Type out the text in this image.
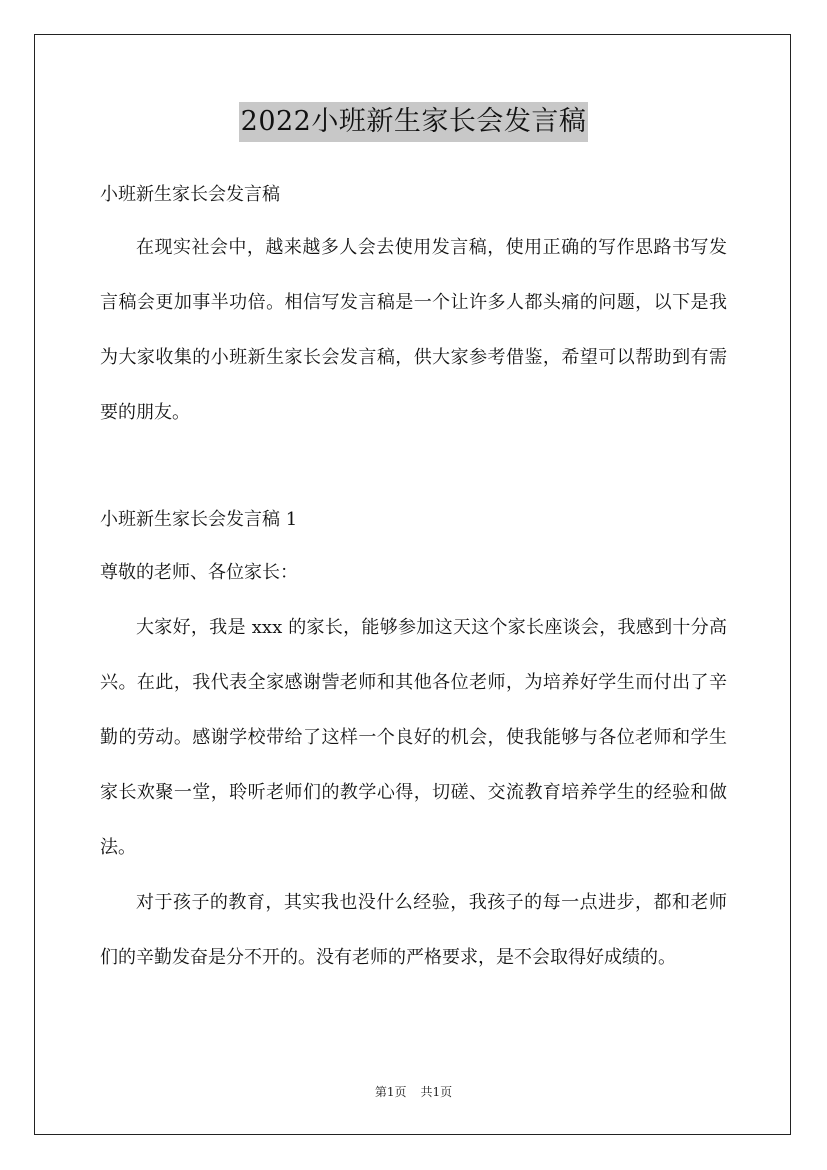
2022小班新生家长会发言稿

小班新生家长会发言稿

在现实社会中，越来越多人会去使用发言稿，使用正确的写作思路书写发言稿会更加事半功倍。相信写发言稿是一个让许多人都头痛的问题，以下是我为大家收集的小班新生家长会发言稿，供大家参考借鉴，希望可以帮助到有需要的朋友。

小班新生家长会发言稿 1

尊敬的老师、各位家长：

大家好，我是 xxx 的家长，能够参加这天这个家长座谈会，我感到十分高兴。在此，我代表全家感谢訾老师和其他各位老师，为培养好学生而付出了辛勤的劳动。感谢学校带给了这样一个良好的机会，使我能够与各位老师和学生家长欢聚一堂，聆听老师们的教学心得，切磋、交流教育培养学生的经验和做法。

对于孩子的教育，其实我也没什么经验，我孩子的每一点进步，都和老师们的辛勤发奋是分不开的。没有老师的严格要求，是不会取得好成绩的。

第1页 共1页
